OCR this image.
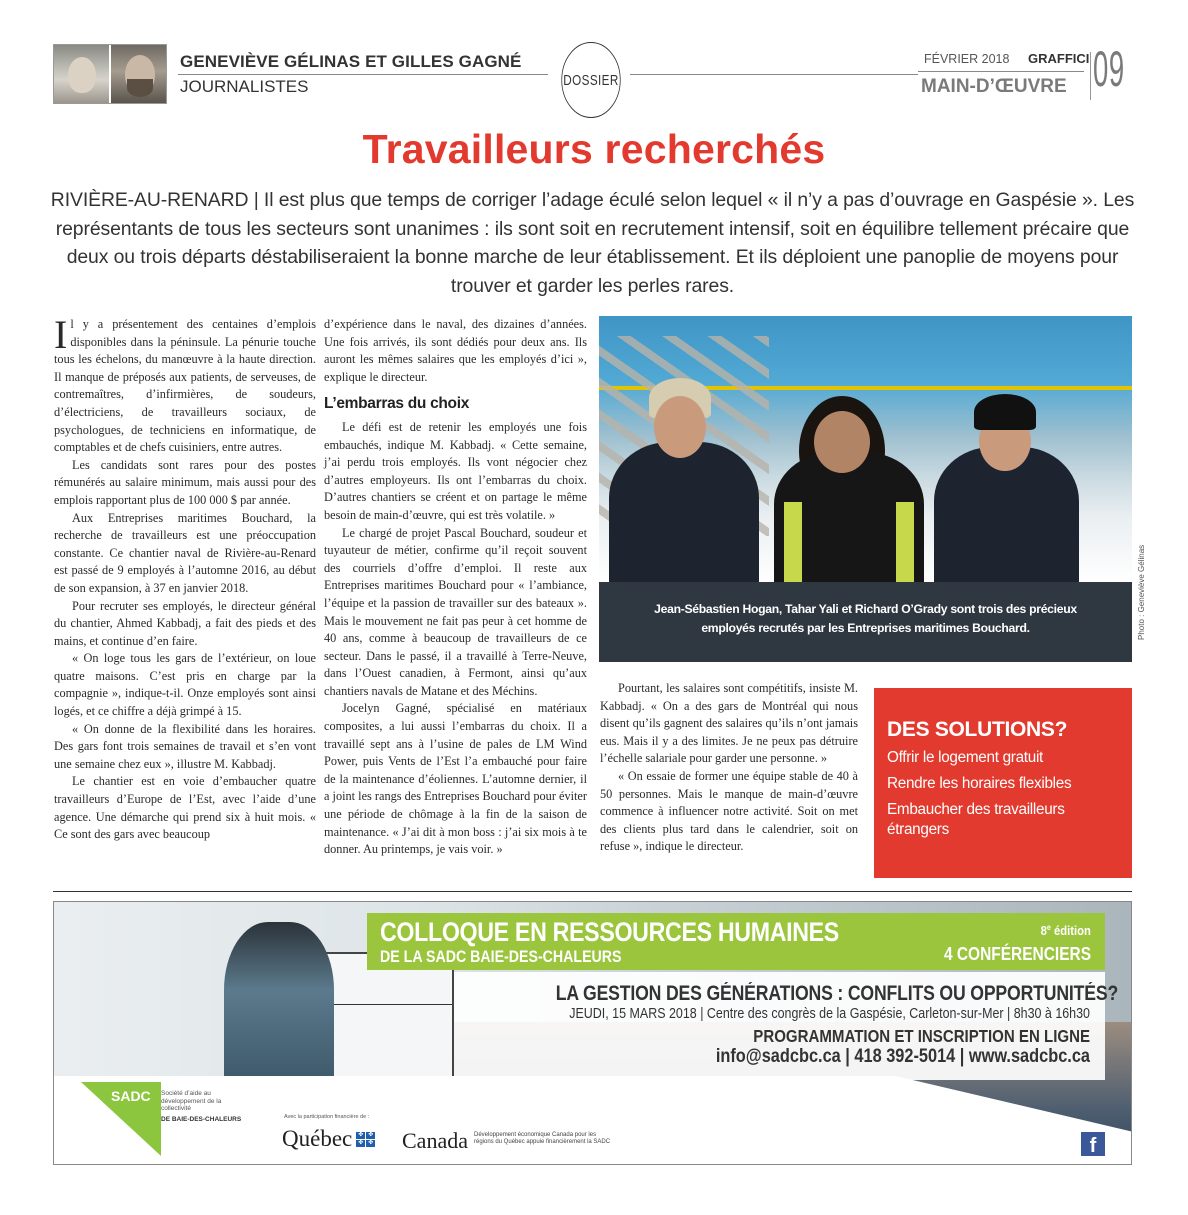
GENEVIÈVE GÉLINAS ET GILLES GAGNÉ
JOURNALISTES	DOSSIER
FÉVRIER 2018 GRAFFICI
MAIN-D’ŒUVRE 09
Travailleurs recherchés
RIVIÈRE-AU-RENARD | Il est plus que temps de corriger l’adage éculé selon lequel « il n’y a pas d’ouvrage en Gaspésie ». Les représentants de tous les secteurs sont unanimes : ils sont soit en recrutement intensif, soit en équilibre tellement précaire que deux ou trois départs déstabiliseraient la bonne marche de leur établissement. Et ils déploient une panoplie de moyens pour trouver et garder les perles rares.

Il y a présentement des centaines d’emplois disponibles dans la péninsule. La pénurie touche tous les échelons, du manœuvre à la haute direction. Il manque de préposés aux patients, de serveuses, de contremaîtres, d’infirmières, de soudeurs, d’électriciens, de travailleurs sociaux, de psychologues, de techniciens en informatique, de comptables et de chefs cuisiniers, entre autres.

Les candidats sont rares pour des postes rémunérés au salaire minimum, mais aussi pour des emplois rapportant plus de 100 000 $ par année.

Aux Entreprises maritimes Bouchard, la recherche de travailleurs est une préoccupation constante. Ce chantier naval de Rivière-au-Renard est passé de 9 employés à l’automne 2016, au début de son expansion, à 37 en janvier 2018.

Pour recruter ses employés, le directeur général du chantier, Ahmed Kabbadj, a fait des pieds et des mains, et continue d’en faire.

« On loge tous les gars de l’extérieur, on loue quatre maisons. C’est pris en charge par la compagnie », indique-t-il. Onze employés sont ainsi logés, et ce chiffre a déjà grimpé à 15.

« On donne de la flexibilité dans les horaires. Des gars font trois semaines de travail et s’en vont une semaine chez eux », illustre M. Kabbadj.

Le chantier est en voie d’embaucher quatre travailleurs d’Europe de l’Est, avec l’aide d’une agence. Une démarche qui prend six à huit mois. « Ce sont des gars avec beaucoup

d’expérience dans le naval, des dizaines d’années. Une fois arrivés, ils sont dédiés pour deux ans. Ils auront les mêmes salaires que les employés d’ici », explique le directeur.

L’embarras du choix

Le défi est de retenir les employés une fois embauchés, indique M. Kabbadj. « Cette semaine, j’ai perdu trois employés. Ils vont négocier chez d’autres employeurs. Ils ont l’embarras du choix. D’autres chantiers se créent et on partage le même besoin de main-d’œuvre, qui est très volatile. »

Le chargé de projet Pascal Bouchard, soudeur et tuyauteur de métier, confirme qu’il reçoit souvent des courriels d’offre d’emploi. Il reste aux Entreprises maritimes Bouchard pour « l’ambiance, l’équipe et la passion de travailler sur des bateaux ». Mais le mouvement ne fait pas peur à cet homme de 40 ans, comme à beaucoup de travailleurs de ce secteur. Dans le passé, il a travaillé à Terre-Neuve, dans l’Ouest canadien, à Fermont, ainsi qu’aux chantiers navals de Matane et des Méchins.

Jocelyn Gagné, spécialisé en matériaux composites, a lui aussi l’embarras du choix. Il a travaillé sept ans à l’usine de pales de LM Wind Power, puis Vents de l’Est l’a embauché pour faire de la maintenance d’éoliennes. L’automne dernier, il a joint les rangs des Entreprises Bouchard pour éviter une période de chômage à la fin de la saison de maintenance. « J’ai dit à mon boss : j’ai six mois à te donner. Au printemps, je vais voir. »

Jean-Sébastien Hogan, Tahar Yali et Richard O’Grady sont trois des précieux
employés recrutés par les Entreprises maritimes Bouchard.	Photo : Geneviève Gélinas

Pourtant, les salaires sont compétitifs, insiste M. Kabbadj. « On a des gars de Montréal qui nous disent qu’ils gagnent des salaires qu’ils n’ont jamais eus. Mais il y a des limites. Je ne peux pas détruire l’échelle salariale pour garder une personne. »

« On essaie de former une équipe stable de 40 à 50 personnes. Mais le manque de main-d’œuvre commence à influencer notre activité. Soit on met des clients plus tard dans le calendrier, soit on refuse », indique le directeur.

DES SOLUTIONS?
Offrir le logement gratuit
Rendre les horaires flexibles
Embaucher des travailleurs étrangers
COLLOQUE EN RESSOURCES HUMAINES
DE LA SADC BAIE-DES-CHALEURS
8e édition
4 CONFÉRENCIERS
LA GESTION DES GÉNÉRATIONS : CONFLITS OU OPPORTUNITÉS?
JEUDI, 15 MARS 2018 | Centre des congrès de la Gaspésie, Carleton-sur-Mer | 8h30 à 16h30
PROGRAMMATION ET INSCRIPTION EN LIGNE
info@sadcbc.ca | 418 392-5014 | www.sadcbc.ca
SADC Société d’aide au développement de la collectivité
DE BAIE-DES-CHALEURS	Avec la participation financière de :
Québec ✤ ✤
✤ ✤ Canada Développement économique Canada pour les régions du Québec appuie financièrement la SADC	f
